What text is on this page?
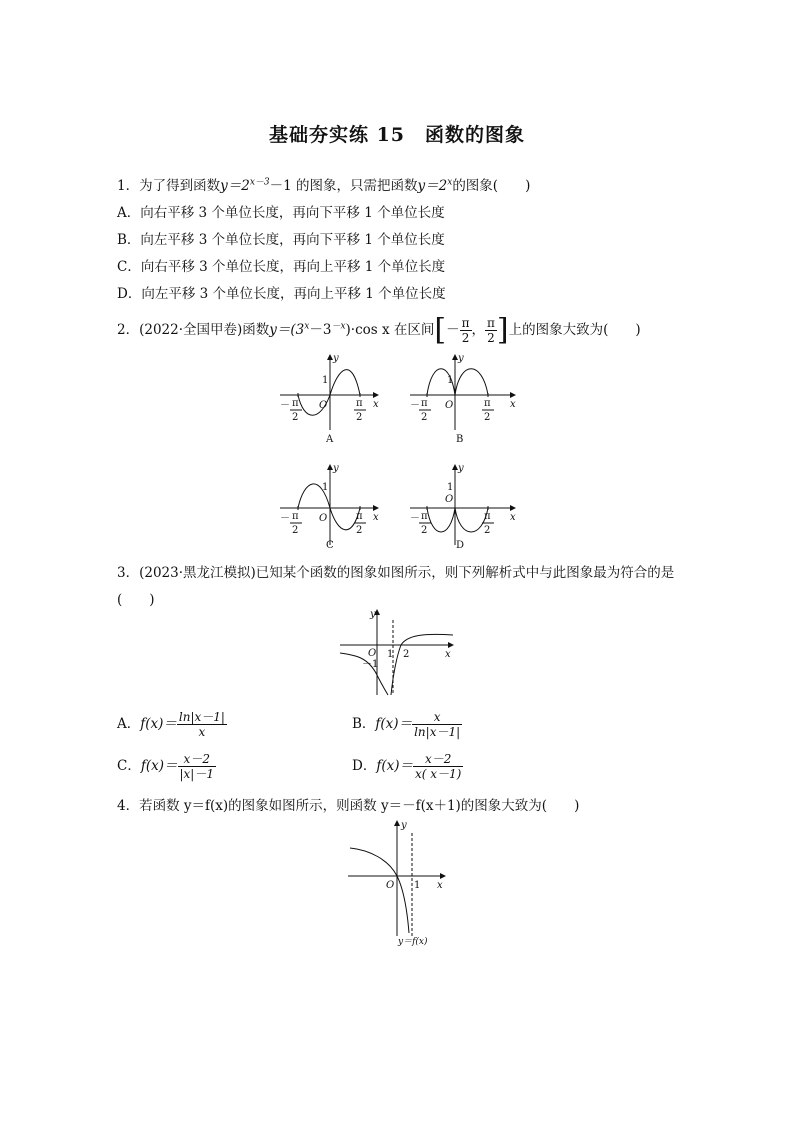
基础夯实练 15　函数的图象
1．为了得到函数$y=2^{x-3}-1$ 的图象，只需把函数$y=2^x$的图象(　　)
A．向右平移 3 个单位长度，再向下平移 1 个单位长度
B．向左平移 3 个单位长度，再向下平移 1 个单位长度
C．向右平移 3 个单位长度，再向上平移 1 个单位长度
D．向左平移 3 个单位长度，再向上平移 1 个单位长度
2．(2022·全国甲卷)函数$y=(3^x-3^{-x})\cdot\cos$ x 在区间[－ $\frac{\pi}{2}$ ， $\frac{\pi}{2}$ ]上的图象大致为(　　)
y
x
O
1
－ π
2
π
2
A
y
x
O
1
－ π
2
π
2
B
y
x
O
1
－ π
2
π
2
C
y
x
O
1
－ π
2
π
2
D
3．(2023·黑龙江模拟)已知某个函数的图象如图所示，则下列解析式中与此图象最为符合的是
(　　)
y
x
O
－1
1 2
A．$f(x)= \frac{\ln|x-1|}{x}$	B．$f(x)= \frac{x}{\ln|x-1|}$
C．$f(x)= \frac{x-2}{|x|-1}$	D．$f(x)= \frac{x-2}{x( x-1)}$
4．若函数 y＝f(x)的图象如图所示，则函数 y＝－f(x＋1)的图象大致为(　　)
y
x
O 1
y＝f(x)
